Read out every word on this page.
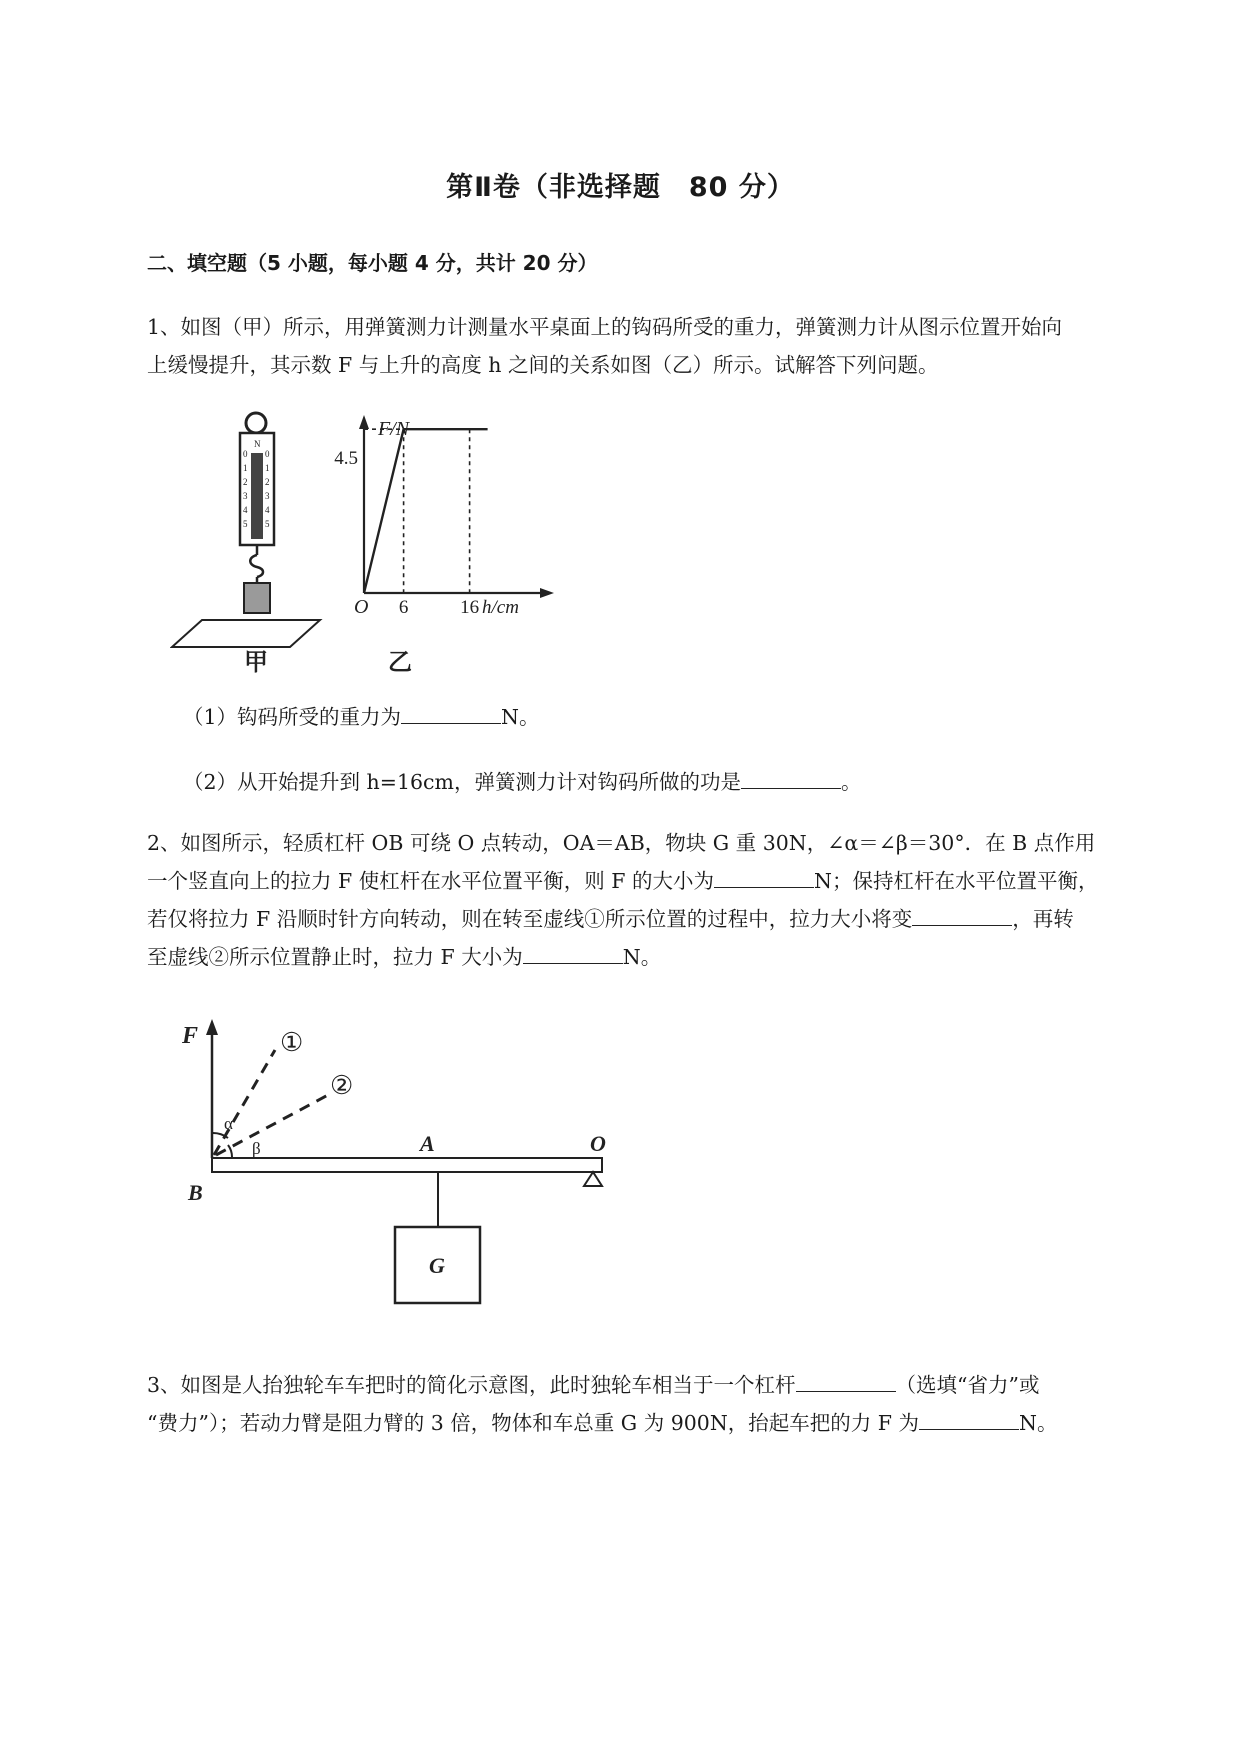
第Ⅱ卷（非选择题　80 分）
二、填空题（5 小题，每小题 4 分，共计 20 分）
1、如图（甲）所示，用弹簧测力计测量水平桌面上的钩码所受的重力，弹簧测力计从图示位置开始向
上缓慢提升，其示数 F 与上升的高度 h 之间的关系如图（乙）所示。试解答下列问题。
N
0
1
2
3
4
5
0
1
2
3
4
5
甲
F/N
O
4.5
6	16 h/cm
乙
（1）钩码所受的重力为	N。
（2）从开始提升到 h=16cm，弹簧测力计对钩码所做的功是	。
2、如图所示，轻质杠杆 OB 可绕 O 点转动，OA＝AB，物块 G 重 30N，∠α＝∠β＝30°．在 B 点作用
一个竖直向上的拉力 F 使杠杆在水平位置平衡，则 F 的大小为	N；保持杠杆在水平位置平衡，
若仅将拉力 F 沿顺时针方向转动，则在转至虚线①所示位置的过程中，拉力大小将变	，再转
至虚线②所示位置静止时，拉力 F 大小为	N。
F	①
②
α
β	A	O
B
G
3、如图是人抬独轮车车把时的简化示意图，此时独轮车相当于一个杠杆	（选填“省力”或
“费力”）；若动力臂是阻力臂的 3 倍，物体和车总重 G 为 900N，抬起车把的力 F 为	N。
